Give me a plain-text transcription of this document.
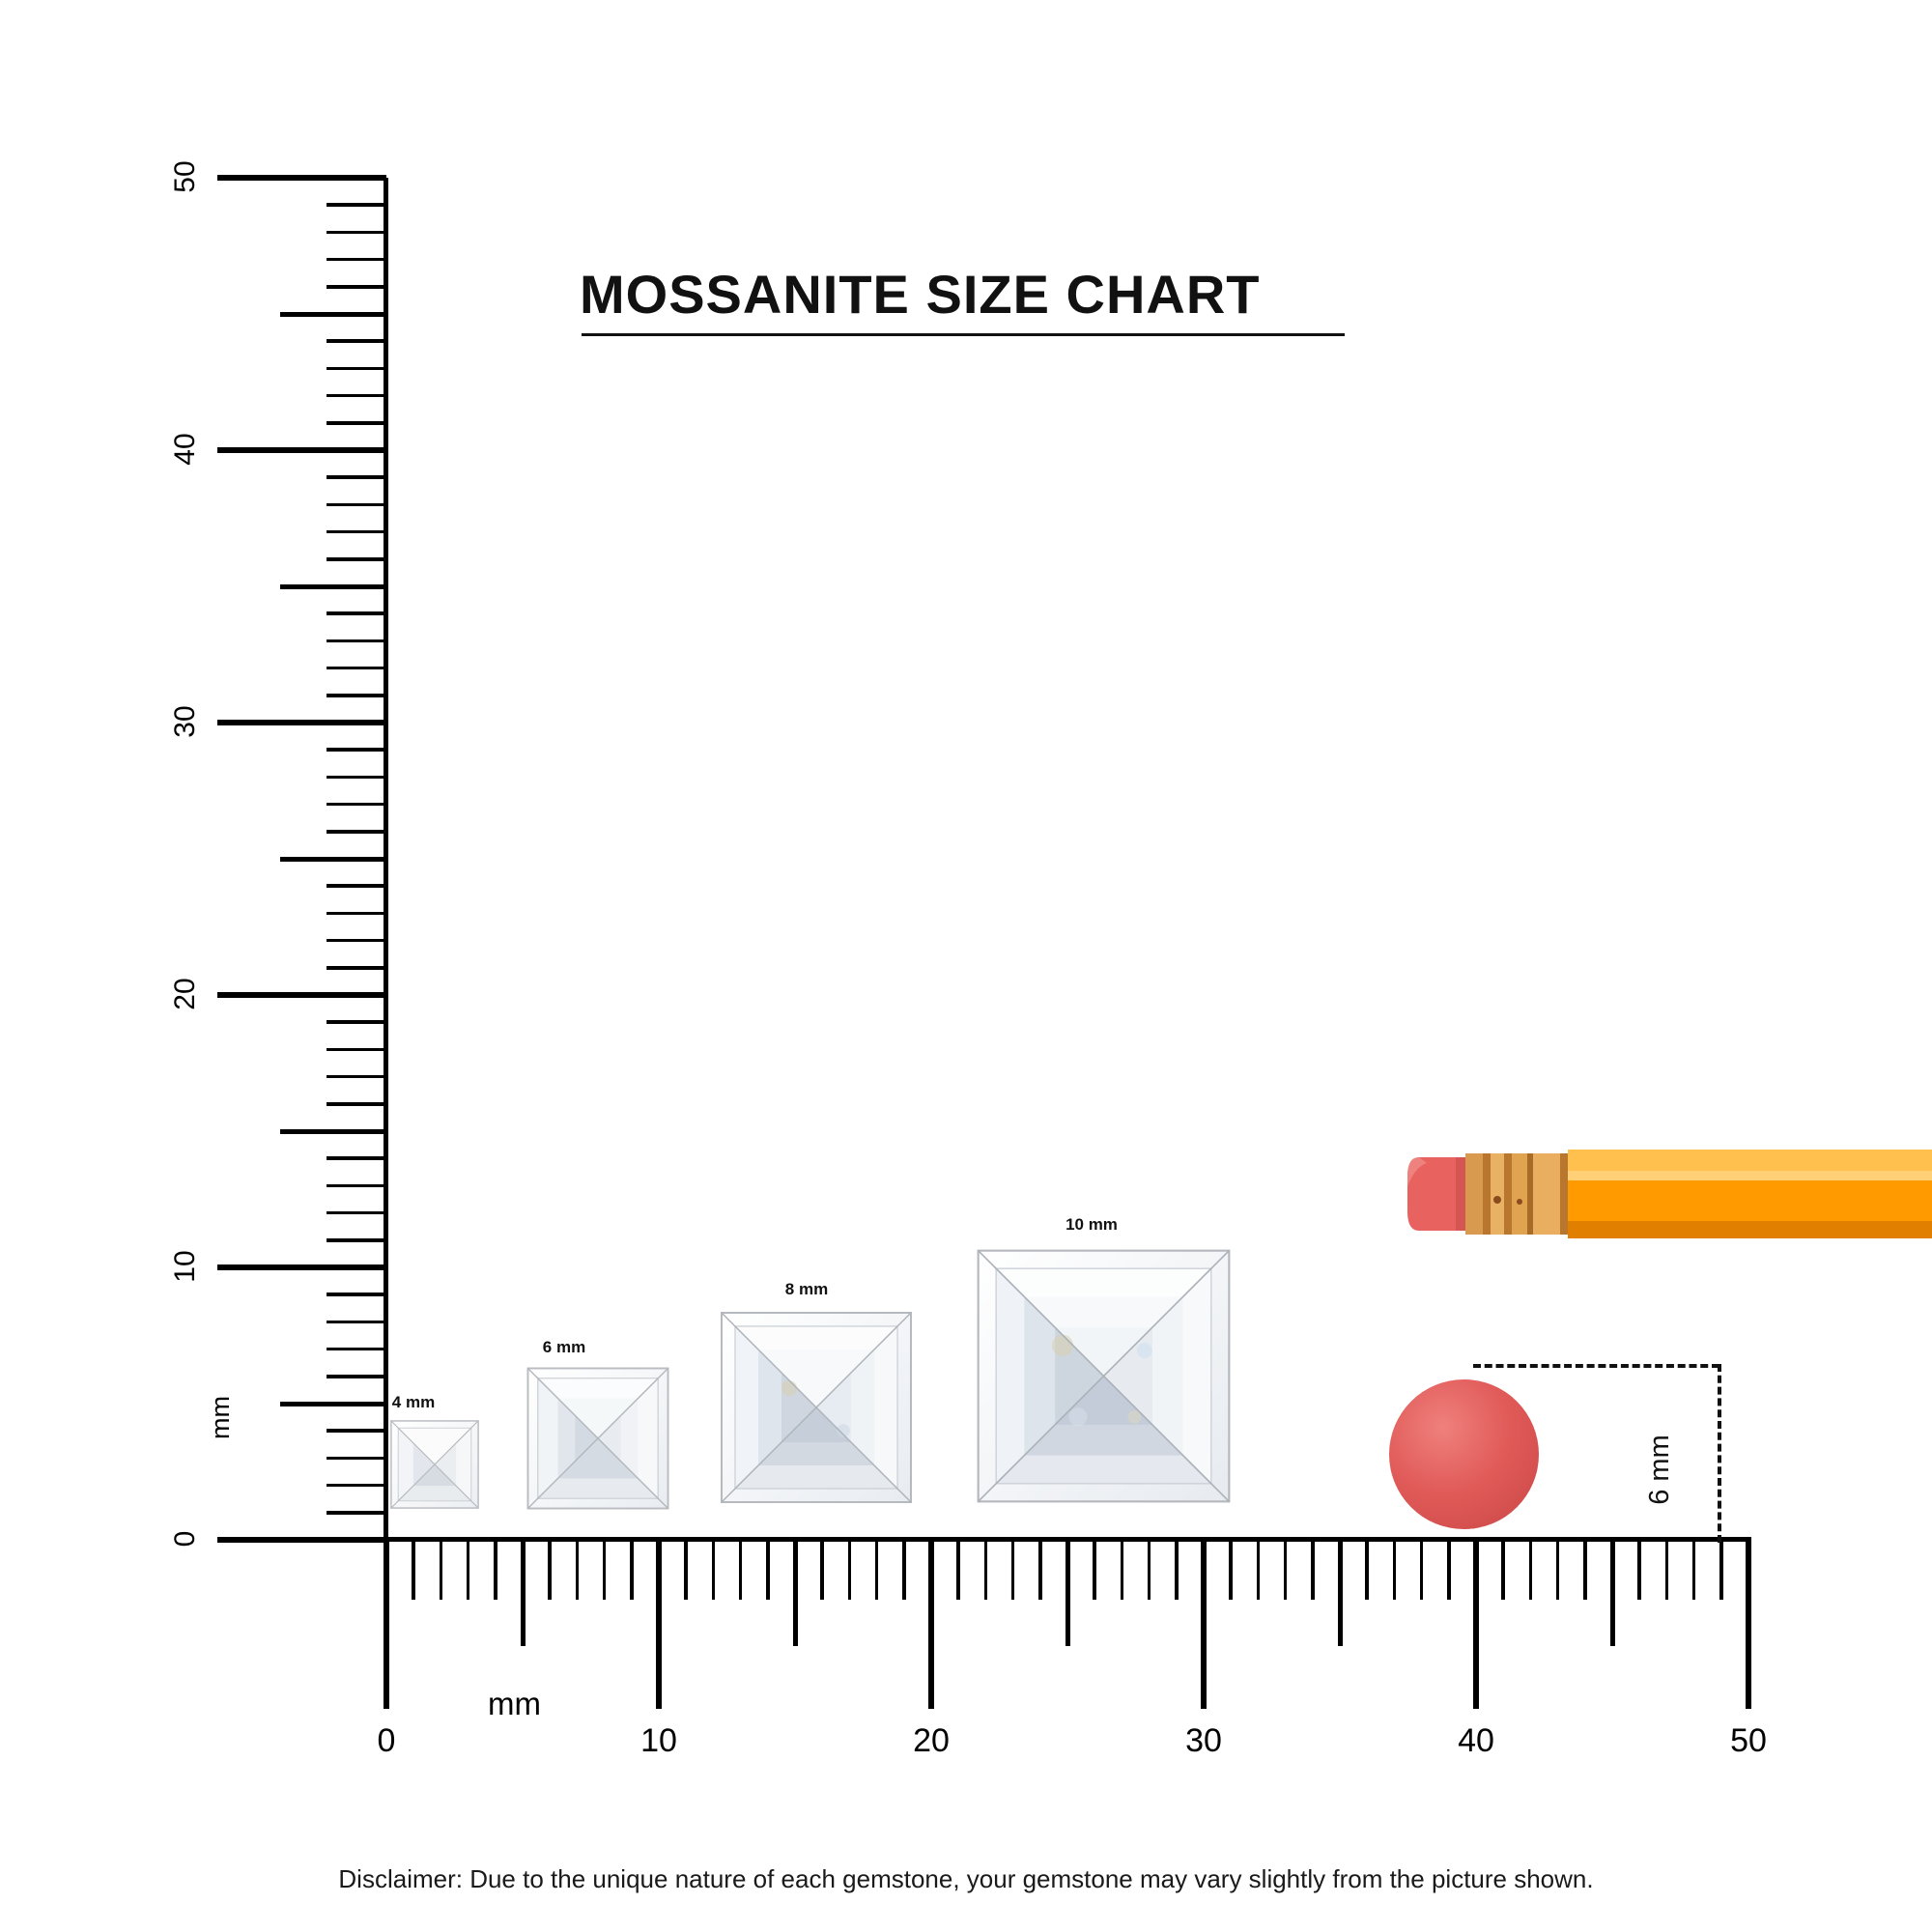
MOSSANITE SIZE CHART
0
10
20
30
40
50
0	10	20	30	40	50
mm
mm
4 mm
6 mm
8 mm
10 mm
6 mm
Disclaimer: Due to the unique nature of each gemstone, your gemstone may vary slightly from the picture shown.
